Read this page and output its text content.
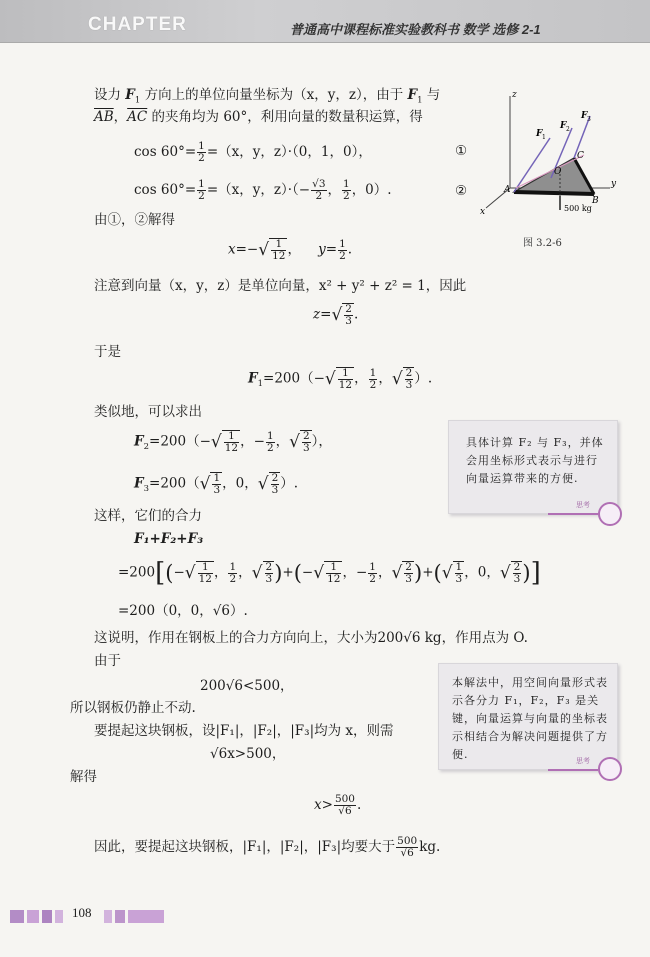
CHAPTER	普通高中课程标准实验教科书 数学 选修 2-1
z
y
x
A
B
C
O
F 1
F 2
F 3
500 kg
图 3.2-6
设力 $F_1$ 方向上的单位向量坐标为（x，y，z），由于 $F_1$ 与
$\overline{AB}$，$\overline{AC}$ 的夹角均为 60°，利用向量的数量积运算，得
$\cos 60^\circ= \frac{1}{2} =(x$，y，z）·（0，1，0），	①
$\cos 60^\circ= \frac{1}{2} =(x$，y，$z)\cdot(- \frac{√3}{2}$ ， $\frac{1}{2}$ ，0）.	②
由①，②解得
$x=-√ \frac{1}{12}$ ，    $y= \frac{1}{2}$ .
注意到向量（x，y，z）是单位向量，x² + y² + z² = 1，因此
$z=√ \frac{2}{3}$ .
于是
$F_1=200(-√ \frac{1}{12}$ ， $\frac{1}{2}$ ，√ $\frac{2}{3}$ ）.
类似地，可以求出
$F_2=200(-√ \frac{1}{12}$ ，− $\frac{1}{2}$ ，√ $\frac{2}{3}$ ），
$F_3=200(√ \frac{1}{3}$ ，0，√ $\frac{2}{3}$ ）.
这样，它们的合力
F₁+F₂+F₃
$=200[(-√ \frac{1}{12}$ ， $\frac{1}{2}$ ，√ $\frac{2}{3}$ )+(−√ $\frac{1}{12}$ ，− $\frac{1}{2}$ ，√ $\frac{2}{3}$ )+(√ $\frac{1}{3}$ ，0，√ $\frac{2}{3}$ )]
=200（0，0，√6）.
这说明，作用在钢板上的合力方向向上，大小为200√6 kg，作用点为 O.
由于
200√6<500，
所以钢板仍静止不动.
要提起这块钢板，设|F₁|，|F₂|，|F₃|均为 x，则需
√6x>500，
解得
$x> \frac{500}{√6}$ .
因此，要提起这块钢板，|F₁|，|F₂|，|F₃|均要大于 $\frac{500}{√6}$ kg.
具体计算 F₂ 与 F₃，并体会用坐标形式表示与进行向量运算带来的方便.
思考
本解法中，用空间向量形式表示各分力 F₁，F₂，F₃ 是关键，向量运算与向量的坐标表示相结合为解决问题提供了方便.
思考
108
